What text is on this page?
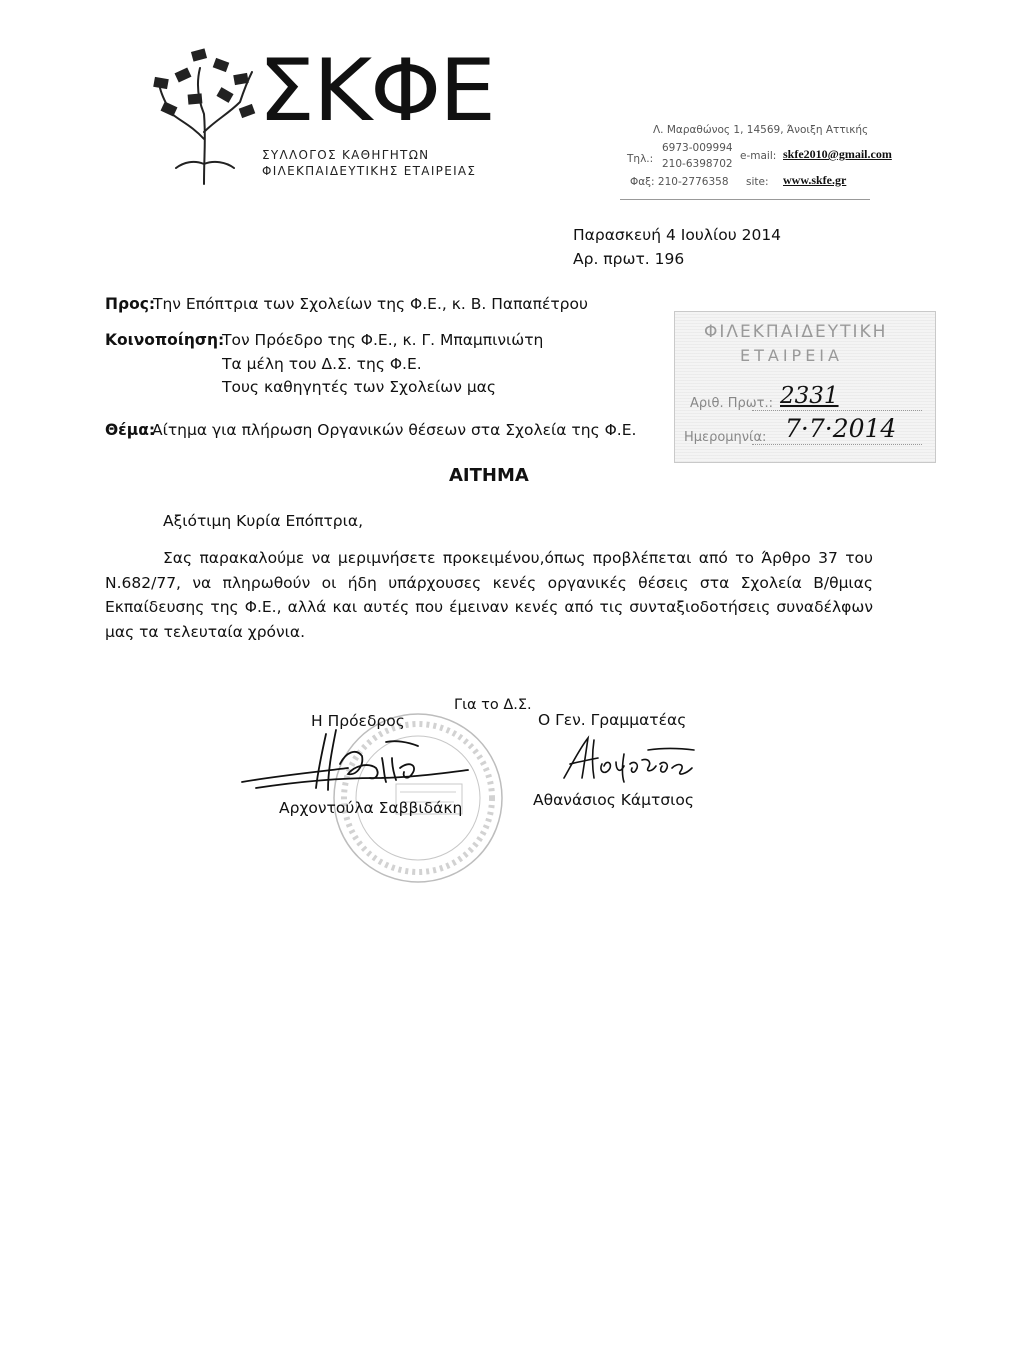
ΣΚΦΕ
ΣΥΛΛΟΓΟΣ ΚΑΘΗΓΗΤΩΝ
ΦΙΛΕΚΠΑΙΔΕΥΤΙΚΗΣ ΕΤΑΙΡΕΙΑΣ
Λ. Μαραθώνος 1, 14569, Άνοιξη Αττικής
Τηλ.:
6973-009994
210-6398702
Φαξ: 210-2776358
e-mail: skfe2010@gmail.com
site: www.skfe.gr
Παρασκευή 4 Ιουλίου 2014
Αρ. πρωτ. 196
ΦΙΛΕΚΠΑΙΔΕΥΤΙΚΗ
ΕΤΑΙΡΕΙΑ
Αριθ. Πρωτ.: 2331
Ημερομηνία: 7·7·2014
Προς:
Την Επόπτρια των Σχολείων της Φ.Ε., κ. Β. Παπαπέτρου
Κοινοποίηση:
Τον Πρόεδρο της Φ.Ε., κ. Γ. Μπαμπινιώτη
Τα μέλη του Δ.Σ. της Φ.Ε.
Τους καθηγητές των Σχολείων μας
Θέμα:
Αίτημα για πλήρωση Οργανικών θέσεων στα Σχολεία της Φ.Ε.
ΑΙΤΗΜΑ
Αξιότιμη Κυρία Επόπτρια,
Σας παρακαλούμε να μεριμνήσετε προκειμένου,όπως προβλέπεται από το Άρθρο 37 του Ν.682/77, να πληρωθούν οι ήδη υπάρχουσες κενές οργανικές θέσεις στα Σχολεία Β/θμιας Εκπαίδευσης της Φ.Ε., αλλά και αυτές που έμειναν κενές από τις συνταξιοδοτήσεις συναδέλφων μας τα τελευταία χρόνια.
Για το Δ.Σ.
Η Πρόεδρος	Ο Γεν. Γραμματέας
Αρχοντούλα Σαββιδάκη	Αθανάσιος Κάμτσιος
